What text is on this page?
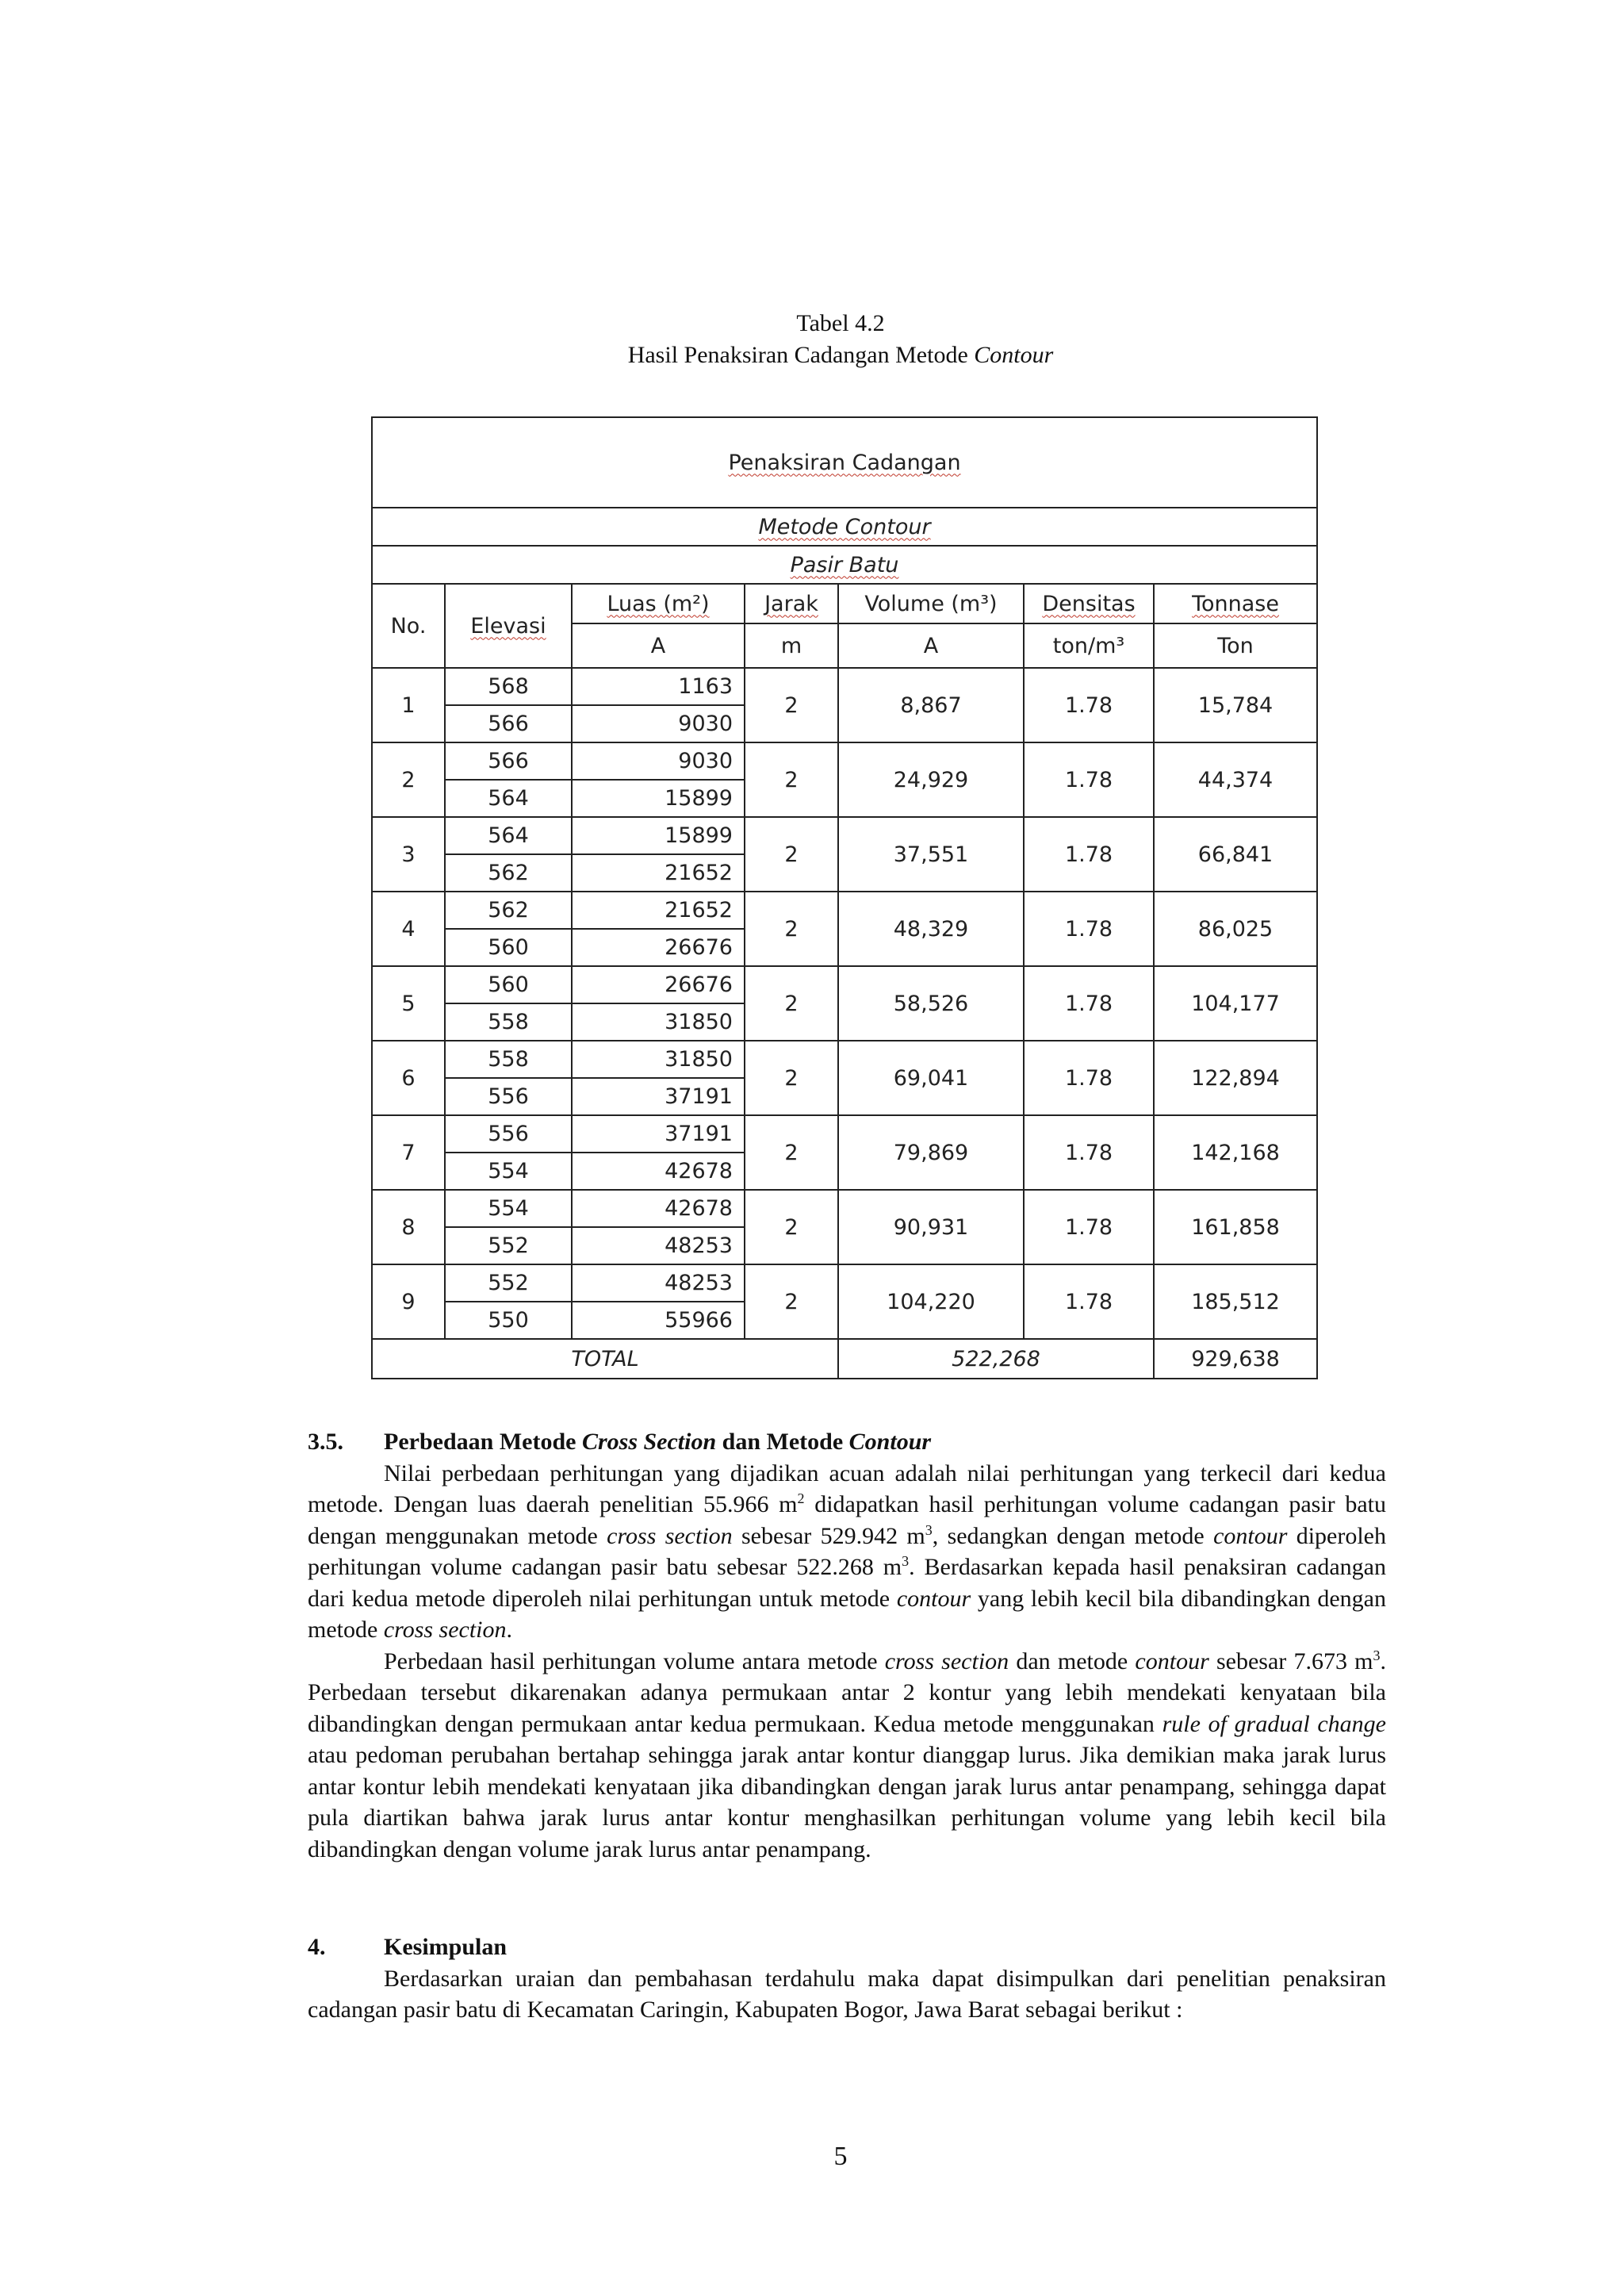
Tabel 4.2
Hasil Penaksiran Cadangan Metode Contour
Penaksiran Cadangan						
Metode Contour						
Pasir Batu						
No.	Elevasi	Luas (m²)	Jarak	Volume (m³)	Densitas	Tonnase
		A	m	A	ton/m³	Ton
1	568	1163	2	8,867	1.78	15,784
	566	9030				
2	566	9030	2	24,929	1.78	44,374
	564	15899				
3	564	15899	2	37,551	1.78	66,841
	562	21652				
4	562	21652	2	48,329	1.78	86,025
	560	26676				
5	560	26676	2	58,526	1.78	104,177
	558	31850				
6	558	31850	2	69,041	1.78	122,894
	556	37191				
7	556	37191	2	79,869	1.78	142,168
	554	42678				
8	554	42678	2	90,931	1.78	161,858
	552	48253				
9	552	48253	2	104,220	1.78	185,512
	550	55966				
TOTAL				522,268		929,638

3.5. Perbedaan Metode Cross Section dan Metode Contour

Nilai perbedaan perhitungan yang dijadikan acuan adalah nilai perhitungan yang terkecil dari kedua metode. Dengan luas daerah penelitian 55.966 $m^2$ didapatkan hasil perhitungan volume cadangan pasir batu dengan menggunakan metode cross section sebesar 529.942 $m^3$, sedangkan dengan metode contour diperoleh perhitungan volume cadangan pasir batu sebesar 522.268 $m^3$. Berdasarkan kepada hasil penaksiran cadangan dari kedua metode diperoleh nilai perhitungan untuk metode contour yang lebih kecil bila dibandingkan dengan metode cross section.

Perbedaan hasil perhitungan volume antara metode cross section dan metode contour sebesar 7.673 $m^3$. Perbedaan tersebut dikarenakan adanya permukaan antar 2 kontur yang lebih mendekati kenyataan bila dibandingkan dengan permukaan antar kedua permukaan. Kedua metode menggunakan rule of gradual change atau pedoman perubahan bertahap sehingga jarak antar kontur dianggap lurus. Jika demikian maka jarak lurus antar kontur lebih mendekati kenyataan jika dibandingkan dengan jarak lurus antar penampang, sehingga dapat pula diartikan bahwa jarak lurus antar kontur menghasilkan perhitungan volume yang lebih kecil bila dibandingkan dengan volume jarak lurus antar penampang.

4. Kesimpulan

Berdasarkan uraian dan pembahasan terdahulu maka dapat disimpulkan dari penelitian penaksiran cadangan pasir batu di Kecamatan Caringin, Kabupaten Bogor, Jawa Barat sebagai berikut :

5
